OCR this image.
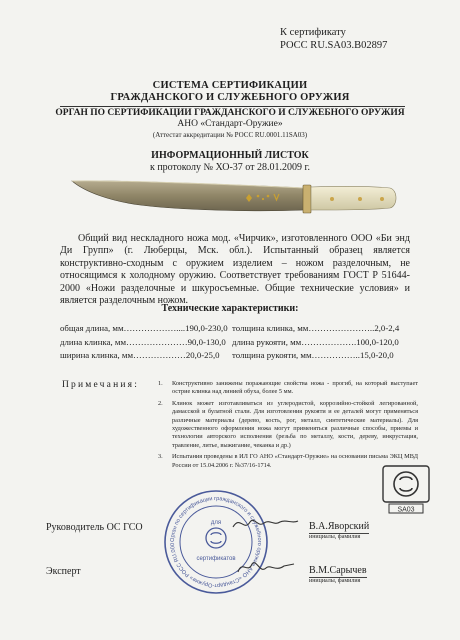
К сертификату
РОСС RU.SA03.B02897
СИСТЕМА СЕРТИФИКАЦИИ
ГРАЖДАНСКОГО И СЛУЖЕБНОГО ОРУЖИЯ
ОРГАН ПО СЕРТИФИКАЦИИ ГРАЖДАНСКОГО И СЛУЖЕБНОГО ОРУЖИЯ
АНО «Стандарт-Оружие»
(Аттестат аккредитации № РОСС RU.0001.11SA03)
ИНФОРМАЦИОННЫЙ ЛИСТОК
к протоколу № ХО-37 от 28.01.2009 г.
Общий вид нескладного ножа мод. «Чирчик», изготовленного ООО «Би энд Ди Групп» (г. Люберцы, Мск. обл.). Испытанный образец является конструктивно-сходным с оружием изделием – ножом разделочным, не относящимся к холодному оружию. Соответствует требованиям ГОСТ Р 51644-2000 «Ножи разделочные и шкуросъемные. Общие технические условия» и является разделочным ножом.
Технические характеристики:
общая длина, мм………………....190,0-230,0 толщина клинка, мм…………………..2,0-2,4
длина клинка, мм…………………90,0-130,0 длина рукояти, мм……………….100,0-120,0
ширина клинка, мм………………20,0-25,0 толщина рукояти, мм……………..15,0-20,0
Примечания:	1. Конструктивно занижены поражающие свойства ножа - прогиб, на который выступает острие клинка над линией обуха, более 5 мм.
2. Клинок может изготавливаться из углеродистой, коррозийно-стойкой легированной, дамасской и булатной стали. Для изготовления рукояти и ее деталей могут применяться различные материалы (дерево, кость, рог, металл, синтетические материалы). Для художественного оформления ножа могут применяться различные способы, приемы и технологии авторского исполнения (резьба по металлу, кости, дереву, инкрустация, травление, литье, выжигание, чеканка и др.)
3. Испытания проведены в ИЛ ГО АНО «Стандарт-Оружие» на основании письма ЭКЦ МВД России от 15.04.2006 г. №37/16-1714.
SA03
Орган по сертификации гражданского и служебного оружия АНО «Стандарт-Оружие» РОСС RU.000
для
сертификатов
Руководитель ОС ГСО	В.А.Яворский
инициалы, фамилия
Эксперт	В.М.Сарычев
инициалы, фамилия
